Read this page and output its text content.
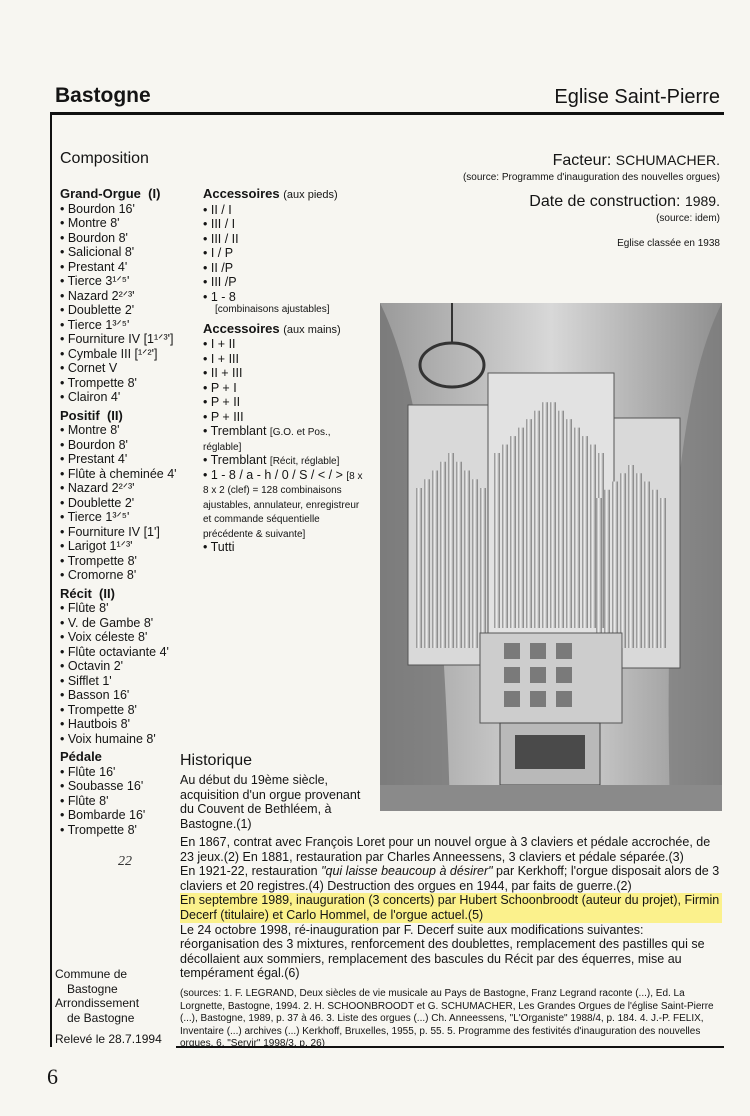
Bastogne	Eglise Saint-Pierre
Composition
Grand-Orgue (I)
• Bourdon 16'
• Montre 8'
• Bourdon 8'
• Salicional 8'
• Prestant 4'
• Tierce 3¹ᐟ⁵'
• Nazard 2²ᐟ³'
• Doublette 2'
• Tierce 1³ᐟ⁵'
• Fourniture IV [1¹ᐟ³']
• Cymbale III [¹ᐟ²']
• Cornet V
• Trompette 8'
• Clairon 4'
Positif (II)
• Montre 8'
• Bourdon 8'
• Prestant 4'
• Flûte à cheminée 4'
• Nazard 2²ᐟ³'
• Doublette 2'
• Tierce 1³ᐟ⁵'
• Fourniture IV [1']
• Larigot 1¹ᐟ³'
• Trompette 8'
• Cromorne 8'
Récit (II)
• Flûte 8'
• V. de Gambe 8'
• Voix céleste 8'
• Flûte octaviante 4'
• Octavin 2'
• Sifflet 1'
• Basson 16'
• Trompette 8'
• Hautbois 8'
• Voix humaine 8'
Pédale
• Flûte 16'
• Soubasse 16'
• Flûte 8'
• Bombarde 16'
• Trompette 8'
Accessoires (aux pieds)
• II / I
• III / I
• III / II
• I / P
• II /P
• III /P
• 1 - 8
[combinaisons ajustables]
Accessoires (aux mains)
• I + II
• I + III
• II + III
• P + I
• P + II
• P + III
• Tremblant [G.O. et Pos., réglable]
• Tremblant [Récit, réglable]
• 1 - 8 / a - h / 0 / S / < / > [8 x 8 x 2 (clef) = 128 combinaisons ajustables, annulateur, enregistreur et commande séquentielle précédente & suivante]
• Tutti
Facteur: SCHUMACHER.
(source: Programme d'inauguration des nouvelles orgues)
Date de construction: 1989.
(source: idem)
Eglise classée en 1938
Historique
Au début du 19ème siècle, acquisition d'un orgue provenant du Couvent de Bethléem, à Bastogne.(1)
En 1867, contrat avec François Loret pour un nouvel orgue à 3 claviers et pédale accrochée, de 23 jeux.(2) En 1881, restauration par Charles Anneessens, 3 claviers et pédale séparée.(3)
En 1921-22, restauration "qui laisse beaucoup à désirer" par Kerkhoff; l'orgue disposait alors de 3 claviers et 20 registres.(4) Destruction des orgues en 1944, par faits de guerre.(2)
En septembre 1989, inauguration (3 concerts) par Hubert Schoonbroodt (auteur du projet), Firmin Decerf (titulaire) et Carlo Hommel, de l'orgue actuel.(5)
Le 24 octobre 1998, ré-inauguration par F. Decerf suite aux modifications suivantes: réorganisation des 3 mixtures, renforcement des doublettes, remplacement des pastilles qui se décollaient aux sommiers, remplacement des bascules du Récit par des équerres, mise au tempérament égal.(6)
(sources: 1. F. LEGRAND, Deux siècles de vie musicale au Pays de Bastogne, Franz Legrand raconte (...), Ed. La Lorgnette, Bastogne, 1994. 2. H. SCHOONBROODT et G. SCHUMACHER, Les Grandes Orgues de l'église Saint-Pierre (...), Bastogne, 1989, p. 37 à 46. 3. Liste des orgues (...) Ch. Anneessens, "L'Organiste" 1988/4, p. 184. 4. J.-P. FELIX, Inventaire (...) archives (...) Kerkhoff, Bruxelles, 1955, p. 55. 5. Programme des festivités d'inauguration des nouvelles orgues. 6. "Servir" 1998/3, p. 26)
22
Commune de
Bastogne
Arrondissement
de Bastogne
Relevé le 28.7.1994
6
